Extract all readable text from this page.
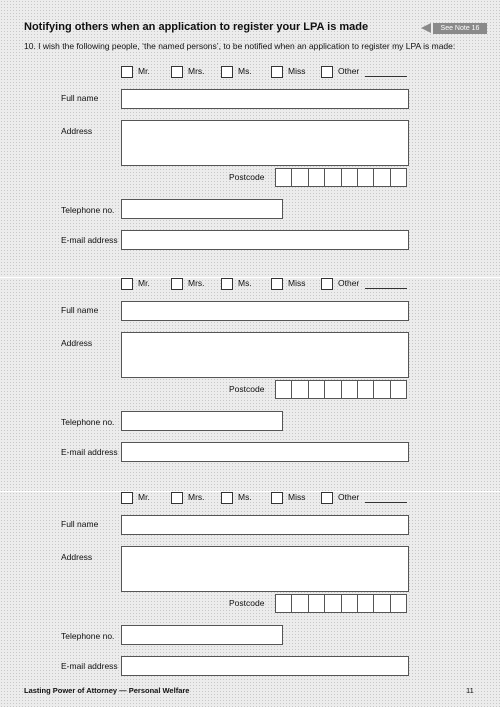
Notifying others when an application to register your LPA is made	See Note 16
10. I wish the following people, ‘the named persons’, to be notified when an application to register my LPA is made:
Mr.	Mrs.	Ms.	Miss	Other
Full name
Address
Postcode
Telephone no.
E-mail address
Mr.	Mrs.	Ms.	Miss	Other
Full name
Address
Postcode
Telephone no.
E-mail address
Mr.	Mrs.	Ms.	Miss	Other
Full name
Address
Postcode
Telephone no.
E-mail address
Lasting Power of Attorney — Personal Welfare	11
